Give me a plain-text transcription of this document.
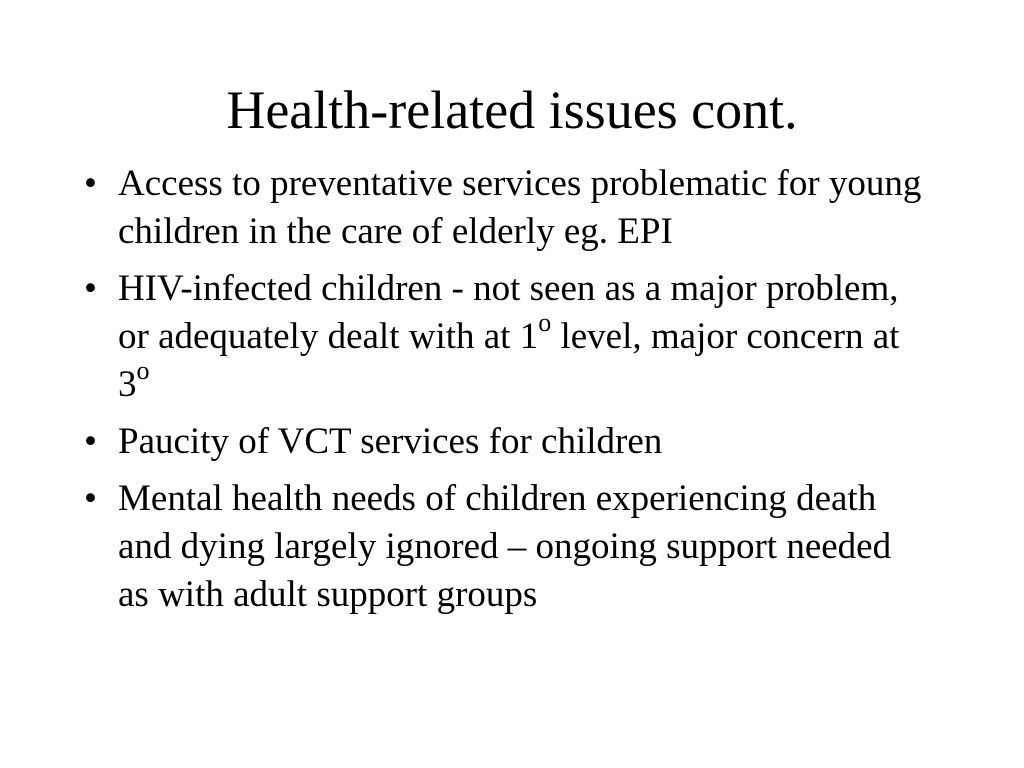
Health-related issues cont.
• Access to preventative services problematic for young children in the care of elderly eg. EPI
• HIV-infected children - not seen as a major problem, or adequately dealt with at 1$^o$ level, major concern at 3$^o$
• Paucity of VCT services for children
• Mental health needs of children experiencing death and dying largely ignored – ongoing support needed as with adult support groups
